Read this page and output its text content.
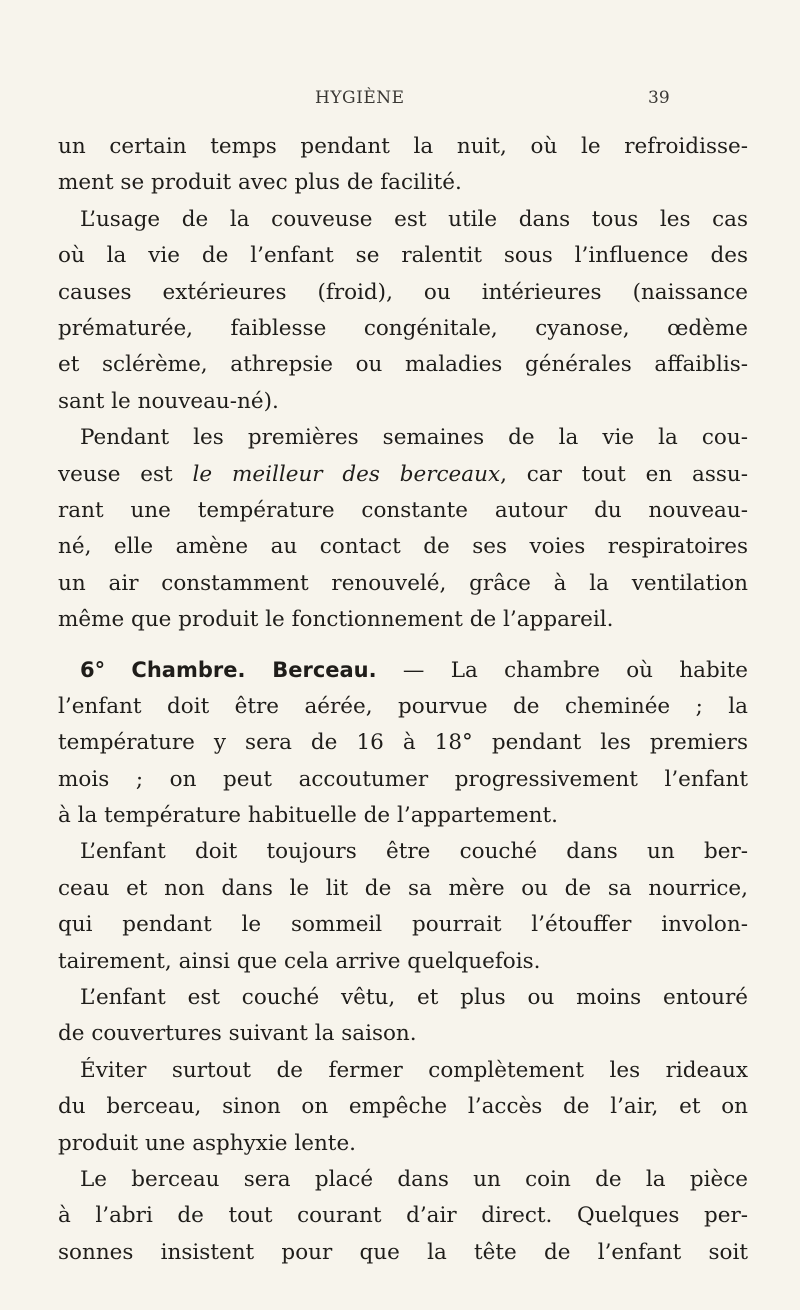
HYGIÈNE	39
un certain temps pendant la nuit, où le refroidisse-
ment se produit avec plus de facilité.
L’usage de la couveuse est utile dans tous les cas
où la vie de l’enfant se ralentit sous l’influence des
causes extérieures (froid), ou intérieures (naissance
prématurée, faiblesse congénitale, cyanose, œdème
et sclérème, athrepsie ou maladies générales affaiblis-
sant le nouveau-né).
Pendant les premières semaines de la vie la cou-
veuse est le meilleur des berceaux, car tout en assu-
rant une température constante autour du nouveau-
né, elle amène au contact de ses voies respiratoires
un air constamment renouvelé, grâce à la ventilation
même que produit le fonctionnement de l’appareil.
6° Chambre. Berceau. — La chambre où habite
l’enfant doit être aérée, pourvue de cheminée ; la
température y sera de 16 à 18° pendant les premiers
mois ; on peut accoutumer progressivement l’enfant
à la température habituelle de l’appartement.
L’enfant doit toujours être couché dans un ber-
ceau et non dans le lit de sa mère ou de sa nourrice,
qui pendant le sommeil pourrait l’étouffer involon-
tairement, ainsi que cela arrive quelquefois.
L’enfant est couché vêtu, et plus ou moins entouré
de couvertures suivant la saison.
Éviter surtout de fermer complètement les rideaux
du berceau, sinon on empêche l’accès de l’air, et on
produit une asphyxie lente.
Le berceau sera placé dans un coin de la pièce
à l’abri de tout courant d’air direct. Quelques per-
sonnes insistent pour que la tête de l’enfant soit
